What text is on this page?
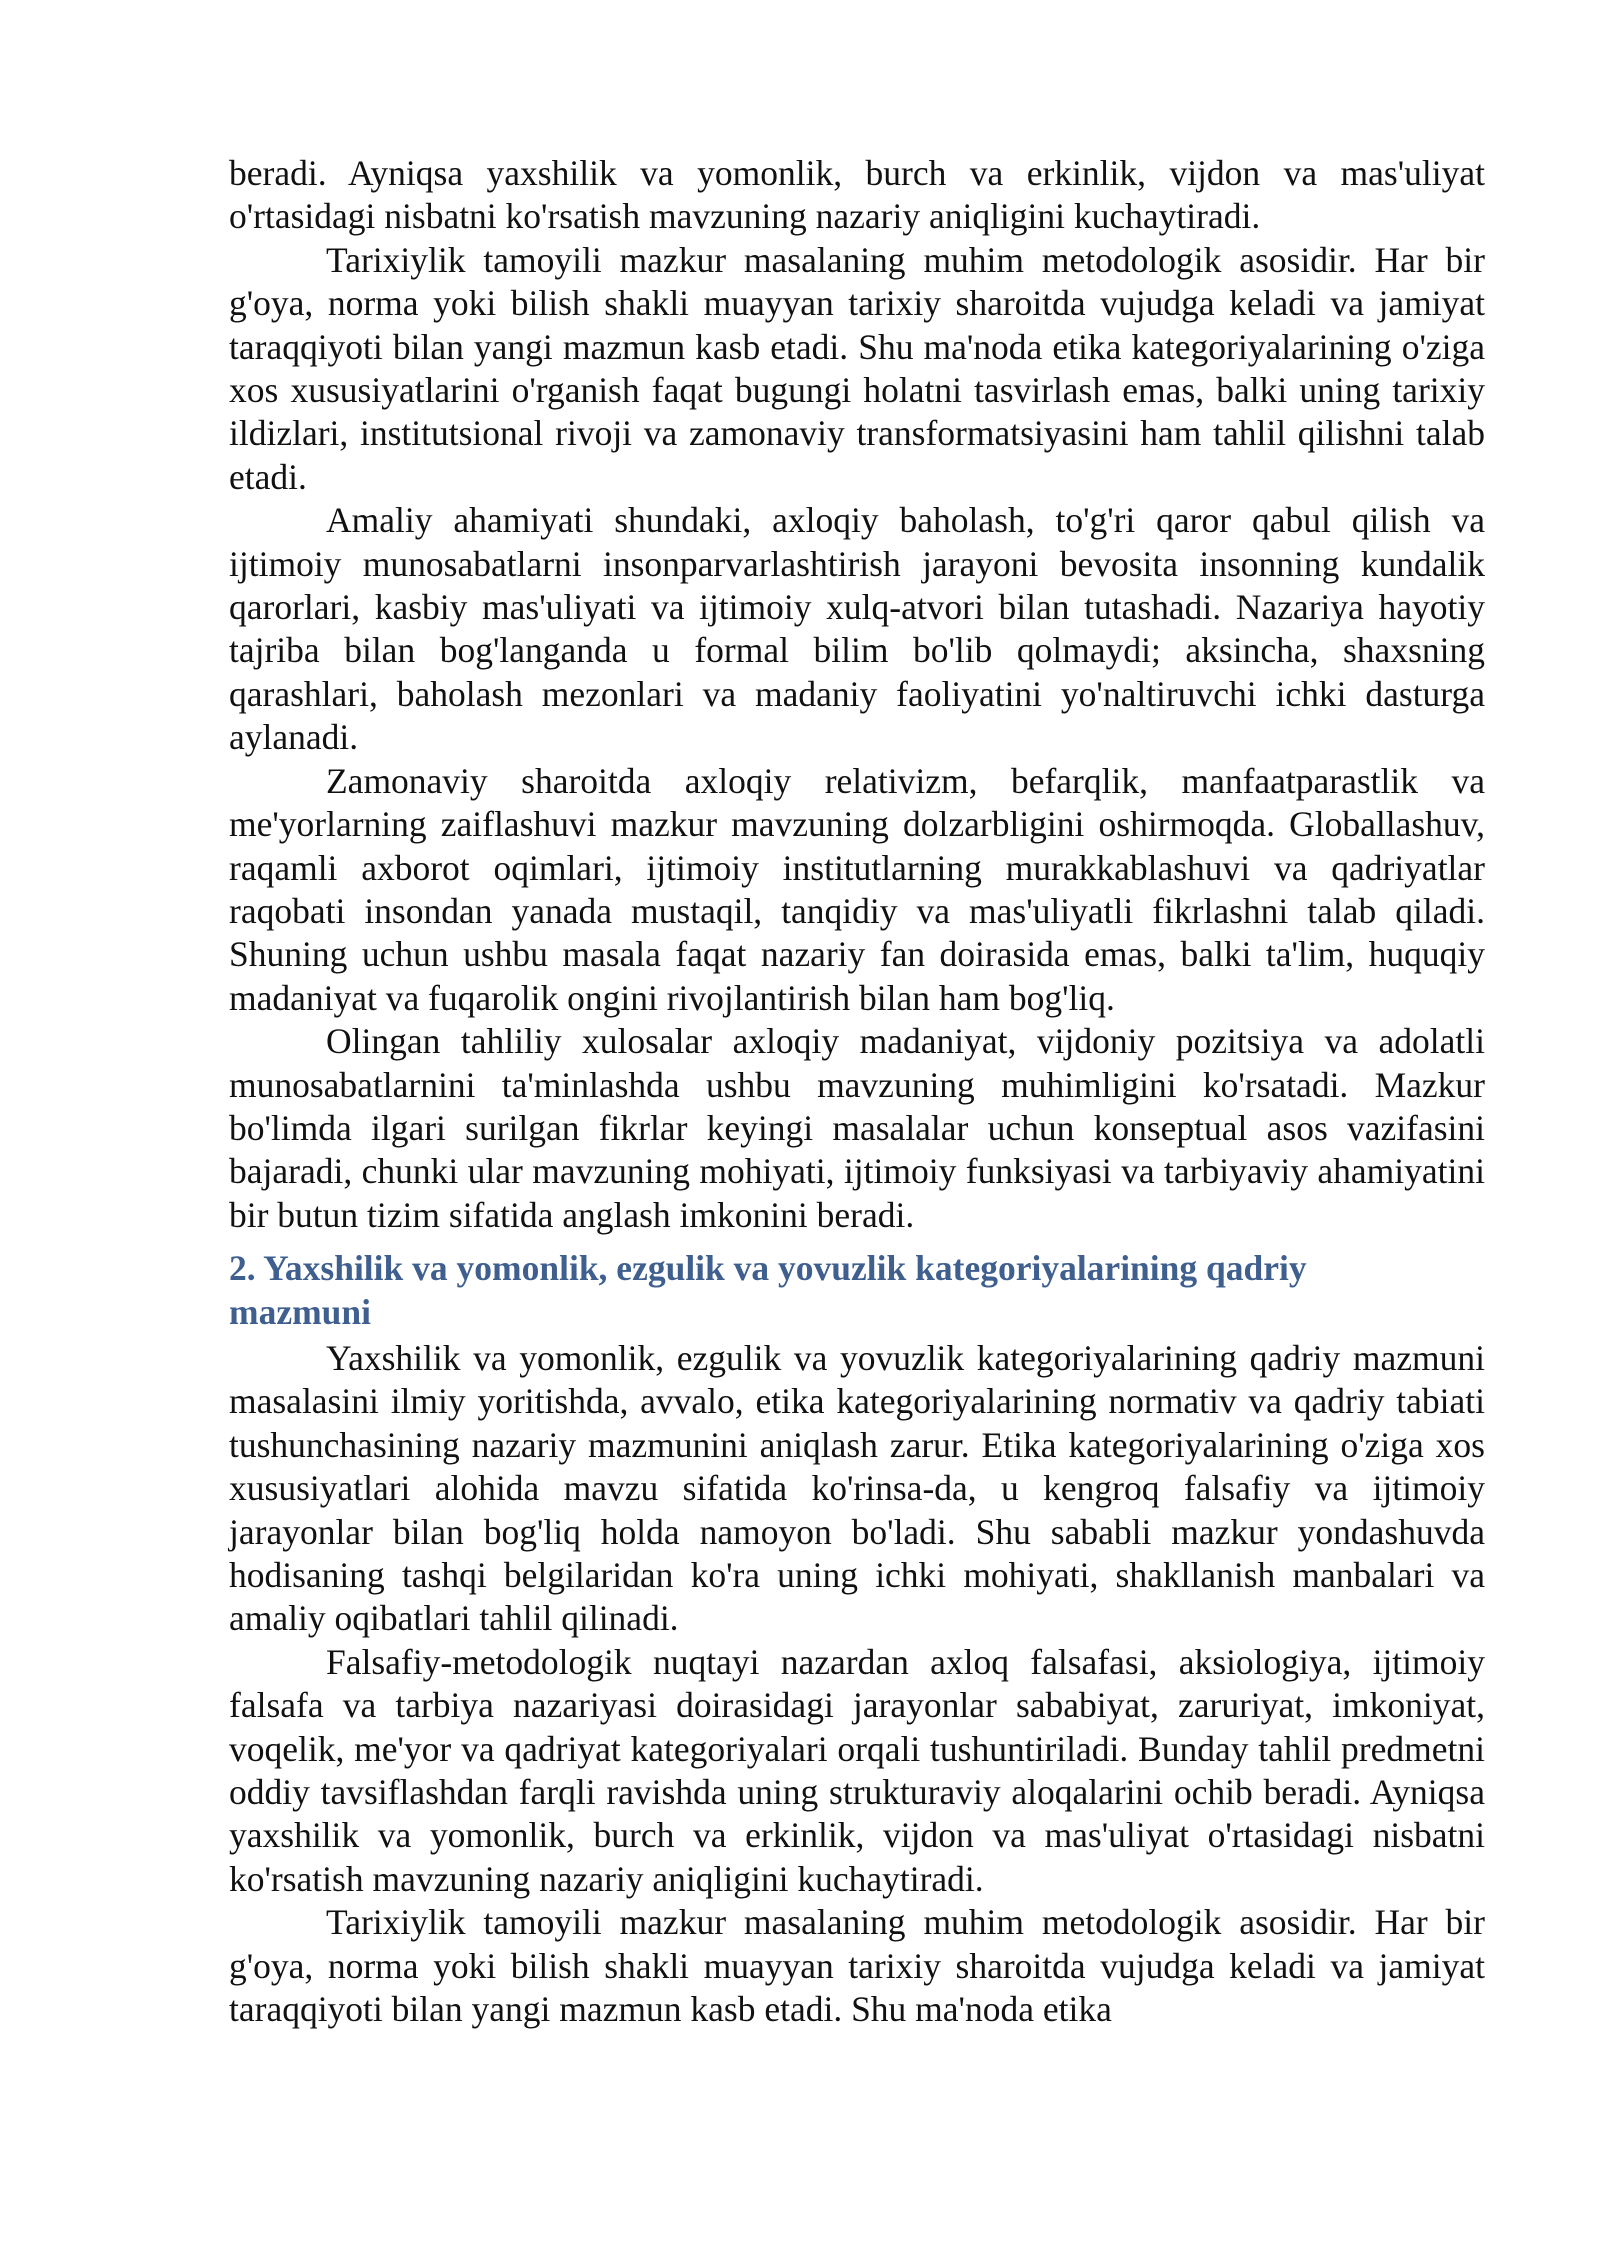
beradi. Ayniqsa yaxshilik va yomonlik, burch va erkinlik, vijdon va mas'uliyat o'rtasidagi nisbatni ko'rsatish mavzuning nazariy aniqligini kuchaytiradi.

Tarixiylik tamoyili mazkur masalaning muhim metodologik asosidir. Har bir g'oya, norma yoki bilish shakli muayyan tarixiy sharoitda vujudga keladi va jamiyat taraqqiyoti bilan yangi mazmun kasb etadi. Shu ma'noda etika kategoriyalarining o'ziga xos xususiyatlarini o'rganish faqat bugungi holatni tasvirlash emas, balki uning tarixiy ildizlari, institutsional rivoji va zamonaviy transformatsiyasini ham tahlil qilishni talab etadi.

Amaliy ahamiyati shundaki, axloqiy baholash, to'g'ri qaror qabul qilish va ijtimoiy munosabatlarni insonparvarlashtirish jarayoni bevosita insonning kundalik qarorlari, kasbiy mas'uliyati va ijtimoiy xulq-atvori bilan tutashadi. Nazariya hayotiy tajriba bilan bog'langanda u formal bilim bo'lib qolmaydi; aksincha, shaxsning qarashlari, baholash mezonlari va madaniy faoliyatini yo'naltiruvchi ichki dasturga aylanadi.

Zamonaviy sharoitda axloqiy relativizm, befarqlik, manfaatparastlik va me'yorlarning zaiflashuvi mazkur mavzuning dolzarbligini oshirmoqda. Globallashuv, raqamli axborot oqimlari, ijtimoiy institutlarning murakkablashuvi va qadriyatlar raqobati insondan yanada mustaqil, tanqidiy va mas'uliyatli fikrlashni talab qiladi. Shuning uchun ushbu masala faqat nazariy fan doirasida emas, balki ta'lim, huquqiy madaniyat va fuqarolik ongini rivojlantirish bilan ham bog'liq.

Olingan tahliliy xulosalar axloqiy madaniyat, vijdoniy pozitsiya va adolatli munosabatlarnini ta'minlashda ushbu mavzuning muhimligini ko'rsatadi. Mazkur bo'limda ilgari surilgan fikrlar keyingi masalalar uchun konseptual asos vazifasini bajaradi, chunki ular mavzuning mohiyati, ijtimoiy funksiyasi va tarbiyaviy ahamiyatini bir butun tizim sifatida anglash imkonini beradi.

2. Yaxshilik va yomonlik, ezgulik va yovuzlik kategoriyalarining qadriy mazmuni

Yaxshilik va yomonlik, ezgulik va yovuzlik kategoriyalarining qadriy mazmuni masalasini ilmiy yoritishda, avvalo, etika kategoriyalarining normativ va qadriy tabiati tushunchasining nazariy mazmunini aniqlash zarur. Etika kategoriyalarining o'ziga xos xususiyatlari alohida mavzu sifatida ko'rinsa-da, u kengroq falsafiy va ijtimoiy jarayonlar bilan bog'liq holda namoyon bo'ladi. Shu sababli mazkur yondashuvda hodisaning tashqi belgilaridan ko'ra uning ichki mohiyati, shakllanish manbalari va amaliy oqibatlari tahlil qilinadi.

Falsafiy-metodologik nuqtayi nazardan axloq falsafasi, aksiologiya, ijtimoiy falsafa va tarbiya nazariyasi doirasidagi jarayonlar sababiyat, zaruriyat, imkoniyat, voqelik, me'yor va qadriyat kategoriyalari orqali tushuntiriladi. Bunday tahlil predmetni oddiy tavsiflashdan farqli ravishda uning strukturaviy aloqalarini ochib beradi. Ayniqsa yaxshilik va yomonlik, burch va erkinlik, vijdon va mas'uliyat o'rtasidagi nisbatni ko'rsatish mavzuning nazariy aniqligini kuchaytiradi.

Tarixiylik tamoyili mazkur masalaning muhim metodologik asosidir. Har bir g'oya, norma yoki bilish shakli muayyan tarixiy sharoitda vujudga keladi va jamiyat taraqqiyoti bilan yangi mazmun kasb etadi. Shu ma'noda etika
